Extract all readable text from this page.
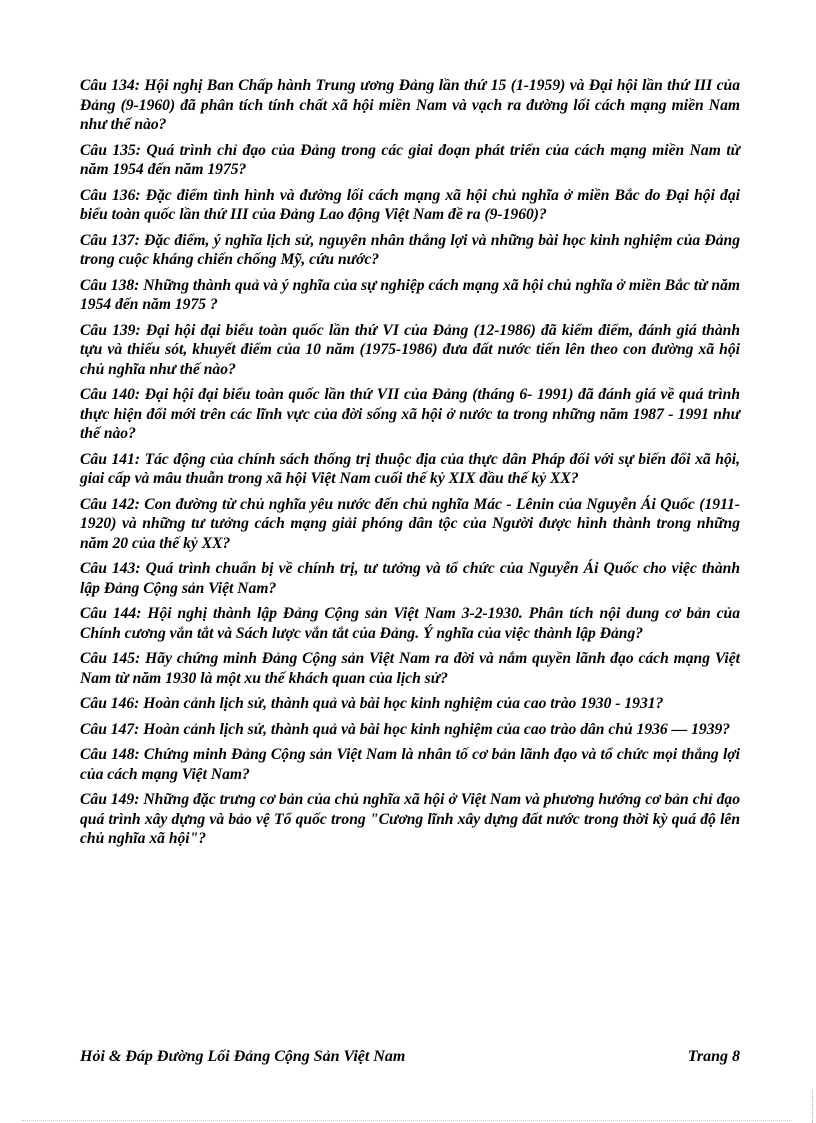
Câu 134: Hội nghị Ban Chấp hành Trung ương Đảng lần thứ 15 (1-1959) và Đại hội lần thứ III của Đảng (9-1960) đã phân tích tính chất xã hội miền Nam và vạch ra đường lối cách mạng miền Nam như thế nào?

Câu 135: Quá trình chỉ đạo của Đảng trong các giai đoạn phát triển của cách mạng miền Nam từ năm 1954 đến năm 1975?

Câu 136: Đặc điểm tình hình và đường lối cách mạng xã hội chủ nghĩa ở miền Bắc do Đại hội đại biểu toàn quốc lần thứ III của Đảng Lao động Việt Nam đề ra (9-1960)?

Câu 137: Đặc điểm, ý nghĩa lịch sử, nguyên nhân thắng lợi và những bài học kinh nghiệm của Đảng trong cuộc kháng chiến chống Mỹ, cứu nước?

Câu 138: Những thành quả và ý nghĩa của sự nghiệp cách mạng xã hội chủ nghĩa ở miền Bắc từ năm 1954 đến năm 1975 ?

Câu 139: Đại hội đại biểu toàn quốc lần thứ VI của Đảng (12-1986) đã kiểm điểm, đánh giá thành tựu và thiếu sót, khuyết điểm của 10 năm (1975-1986) đưa đất nước tiến lên theo con đường xã hội chủ nghĩa như thế nào?

Câu 140: Đại hội đại biểu toàn quốc lần thứ VII của Đảng (tháng 6- 1991) đã đánh giá về quá trình thực hiện đổi mới trên các lĩnh vực của đời sống xã hội ở nước ta trong những năm 1987 - 1991 như thế nào?

Câu 141: Tác động của chính sách thống trị thuộc địa của thực dân Pháp đối với sự biến đổi xã hội, giai cấp và mâu thuẫn trong xã hội Việt Nam cuối thế kỷ XIX đầu thế kỷ XX?

Câu 142: Con đường từ chủ nghĩa yêu nước đến chủ nghĩa Mác - Lênin của Nguyễn Ái Quốc (1911- 1920) và những tư tưởng cách mạng giải phóng dân tộc của Người được hình thành trong những năm 20 của thế kỷ XX?

Câu 143: Quá trình chuẩn bị về chính trị, tư tưởng và tổ chức của Nguyễn Ái Quốc cho việc thành lập Đảng Cộng sản Việt Nam?

Câu 144: Hội nghị thành lập Đảng Cộng sản Việt Nam 3-2-1930. Phân tích nội dung cơ bản của Chính cương vắn tắt và Sách lược vắn tắt của Đảng. Ý nghĩa của việc thành lập Đảng?

Câu 145: Hãy chứng minh Đảng Cộng sản Việt Nam ra đời và nắm quyền lãnh đạo cách mạng Việt Nam từ năm 1930 là một xu thế khách quan của lịch sử?

Câu 146: Hoàn cảnh lịch sử, thành quả và bài học kinh nghiệm của cao trào 1930 - 1931?

Câu 147: Hoàn cảnh lịch sử, thành quả và bài học kinh nghiệm của cao trào dân chủ 1936 — 1939?

Câu 148: Chứng minh Đảng Cộng sản Việt Nam là nhân tố cơ bản lãnh đạo và tổ chức mọi thắng lợi của cách mạng Việt Nam?

Câu 149: Những đặc trưng cơ bản của chủ nghĩa xã hội ở Việt Nam và phương hướng cơ bản chỉ đạo quá trình xây dựng và bảo vệ Tổ quốc trong "Cương lĩnh xây dựng đất nước trong thời kỳ quá độ lên chủ nghĩa xã hội"?

Hỏi & Đáp Đường Lối Đảng Cộng Sản Việt Nam	Trang 8
